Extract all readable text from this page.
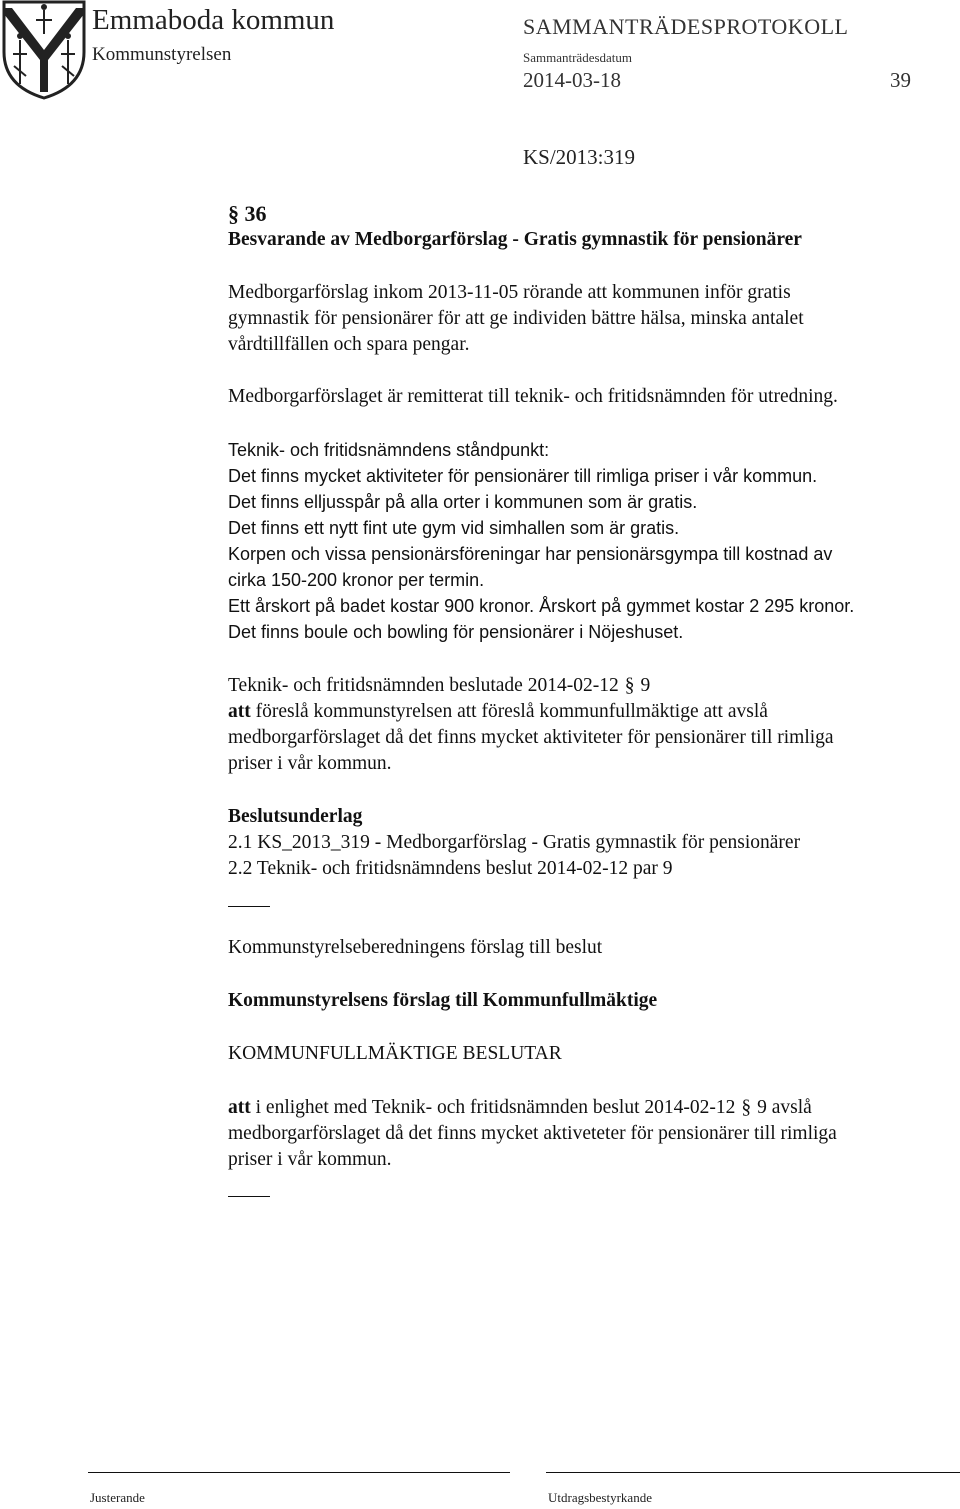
Emmaboda kommun
Kommunstyrelsen
SAMMANTRÄDESPROTOKOLL
Sammanträdesdatum
2014-03-18	39
KS/2013:319
§ 36
Besvarande av Medborgarförslag - Gratis gymnastik för pensionärer
Medborgarförslag inkom 2013-11-05 rörande att kommunen inför gratis
gymnastik för pensionärer för att ge individen bättre hälsa, minska antalet
vårdtillfällen och spara pengar.
Medborgarförslaget är remitterat till teknik- och fritidsnämnden för utredning.
Teknik- och fritidsnämndens ståndpunkt:
Det finns mycket aktiviteter för pensionärer till rimliga priser i vår kommun.
Det finns elljusspår på alla orter i kommunen som är gratis.
Det finns ett nytt fint ute gym vid simhallen som är gratis.
Korpen och vissa pensionärsföreningar har pensionärsgympa till kostnad av
cirka 150-200 kronor per termin.
Ett årskort på badet kostar 900 kronor. Årskort på gymmet kostar 2 295 kronor.
Det finns boule och bowling för pensionärer i Nöjeshuset.
Teknik- och fritidsnämnden beslutade 2014-02-12 § 9
att föreslå kommunstyrelsen att föreslå kommunfullmäktige att avslå
medborgarförslaget då det finns mycket aktiviteter för pensionärer till rimliga
priser i vår kommun.
Beslutsunderlag
2.1 KS_2013_319 - Medborgarförslag - Gratis gymnastik för pensionärer
2.2 Teknik- och fritidsnämndens beslut 2014-02-12 par 9
Kommunstyrelseberedningens förslag till beslut
Kommunstyrelsens förslag till Kommunfullmäktige
KOMMUNFULLMÄKTIGE BESLUTAR
att i enlighet med Teknik- och fritidsnämnden beslut 2014-02-12 § 9 avslå
medborgarförslaget då det finns mycket aktiveteter för pensionärer till rimliga
priser i vår kommun.
Justerande	Utdragsbestyrkande
